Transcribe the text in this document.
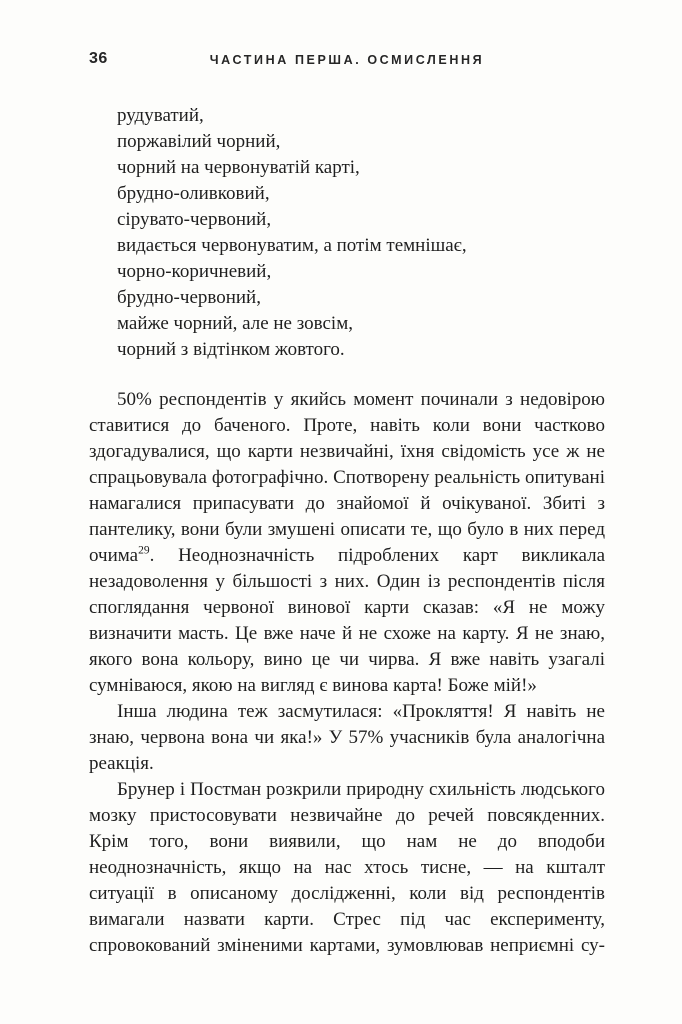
36	ЧАСТИНА ПЕРША. ОСМИСЛЕННЯ
рудуватий,
поржавілий чорний,
чорний на червонуватій карті,
брудно-оливковий,
сірувато-червоний,
видається червонуватим, а потім темнішає,
чорно-коричневий,
брудно-червоний,
майже чорний, але не зовсім,
чорний з відтінком жовтого.

50% респондентів у якийсь момент починали з недовірою ставитися до баченого. Проте, навіть коли вони частково здогадувалися, що карти незвичайні, їхня свідомість усе ж не спрацьовувала фотографічно. Спотворену реальність опитувані намагалися припасувати до знайомої й очікуваної. Збиті з пантелику, вони були змушені описати те, що було в них перед очима$^{29}$. Неоднозначність підроблених карт викликала незадоволення у більшості з них. Один із респондентів після споглядання червоної винової карти сказав: «Я не можу визначити масть. Це вже наче й не схоже на карту. Я не знаю, якого вона кольору, вино це чи чирва. Я вже навіть узагалі сумніваюся, якою на вигляд є винова карта! Боже мій!»

Інша людина теж засмутилася: «Прокляття! Я навіть не знаю, червона вона чи яка!» У 57% учасників була аналогічна реакція.

Брунер і Постман розкрили природну схильність людського мозку пристосовувати незвичайне до речей повсякденних. Крім того, вони виявили, що нам не до вподоби неоднозначність, якщо на нас хтось тисне, — на кшталт ситуації в описаному дослідженні, коли від респондентів вимагали назвати карти. Стрес під час експерименту, спровокований зміненими картами, зумовлював неприємні су-
